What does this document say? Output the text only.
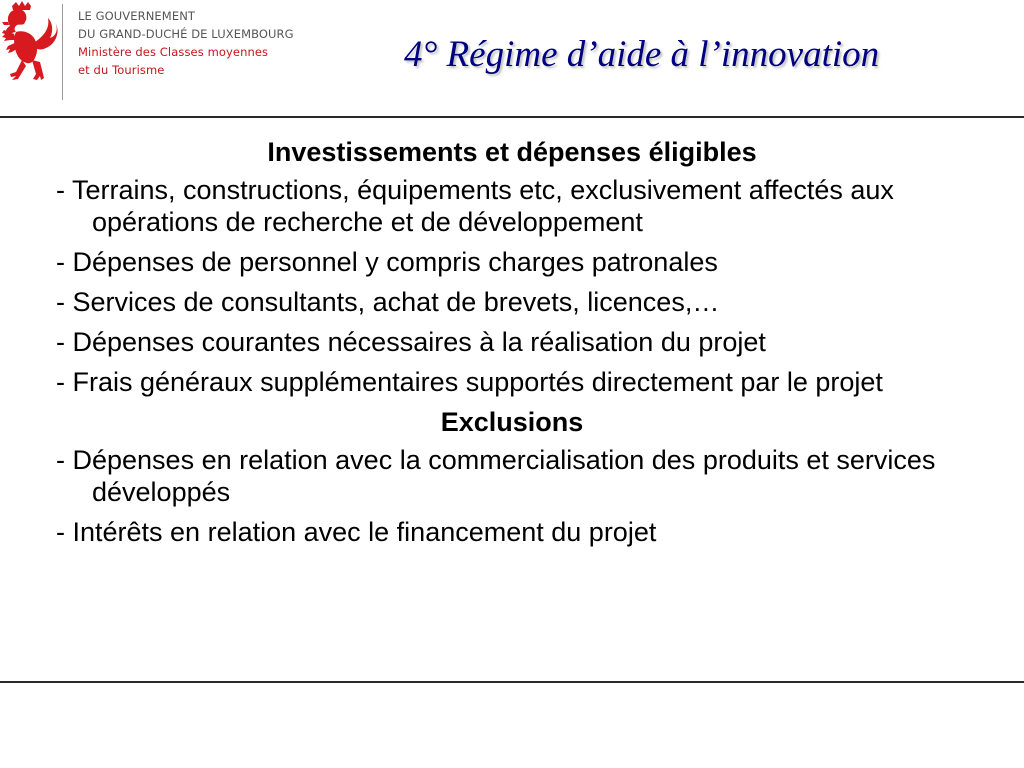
LE GOUVERNEMENT
DU GRAND-DUCHÉ DE LUXEMBOURG
Ministère des Classes moyennes
et du Tourisme	4° Régime d’aide à l’innovation
Investissements et dépenses éligibles
- Terrains, constructions, équipements etc, exclusivement affectés aux opérations de recherche et de développement
- Dépenses de personnel y compris charges patronales
- Services de consultants, achat de brevets, licences,…
- Dépenses courantes nécessaires à la réalisation du projet
- Frais généraux supplémentaires supportés directement par le projet
Exclusions
- Dépenses en relation avec la commercialisation des produits et services développés
- Intérêts en relation avec le financement du projet
